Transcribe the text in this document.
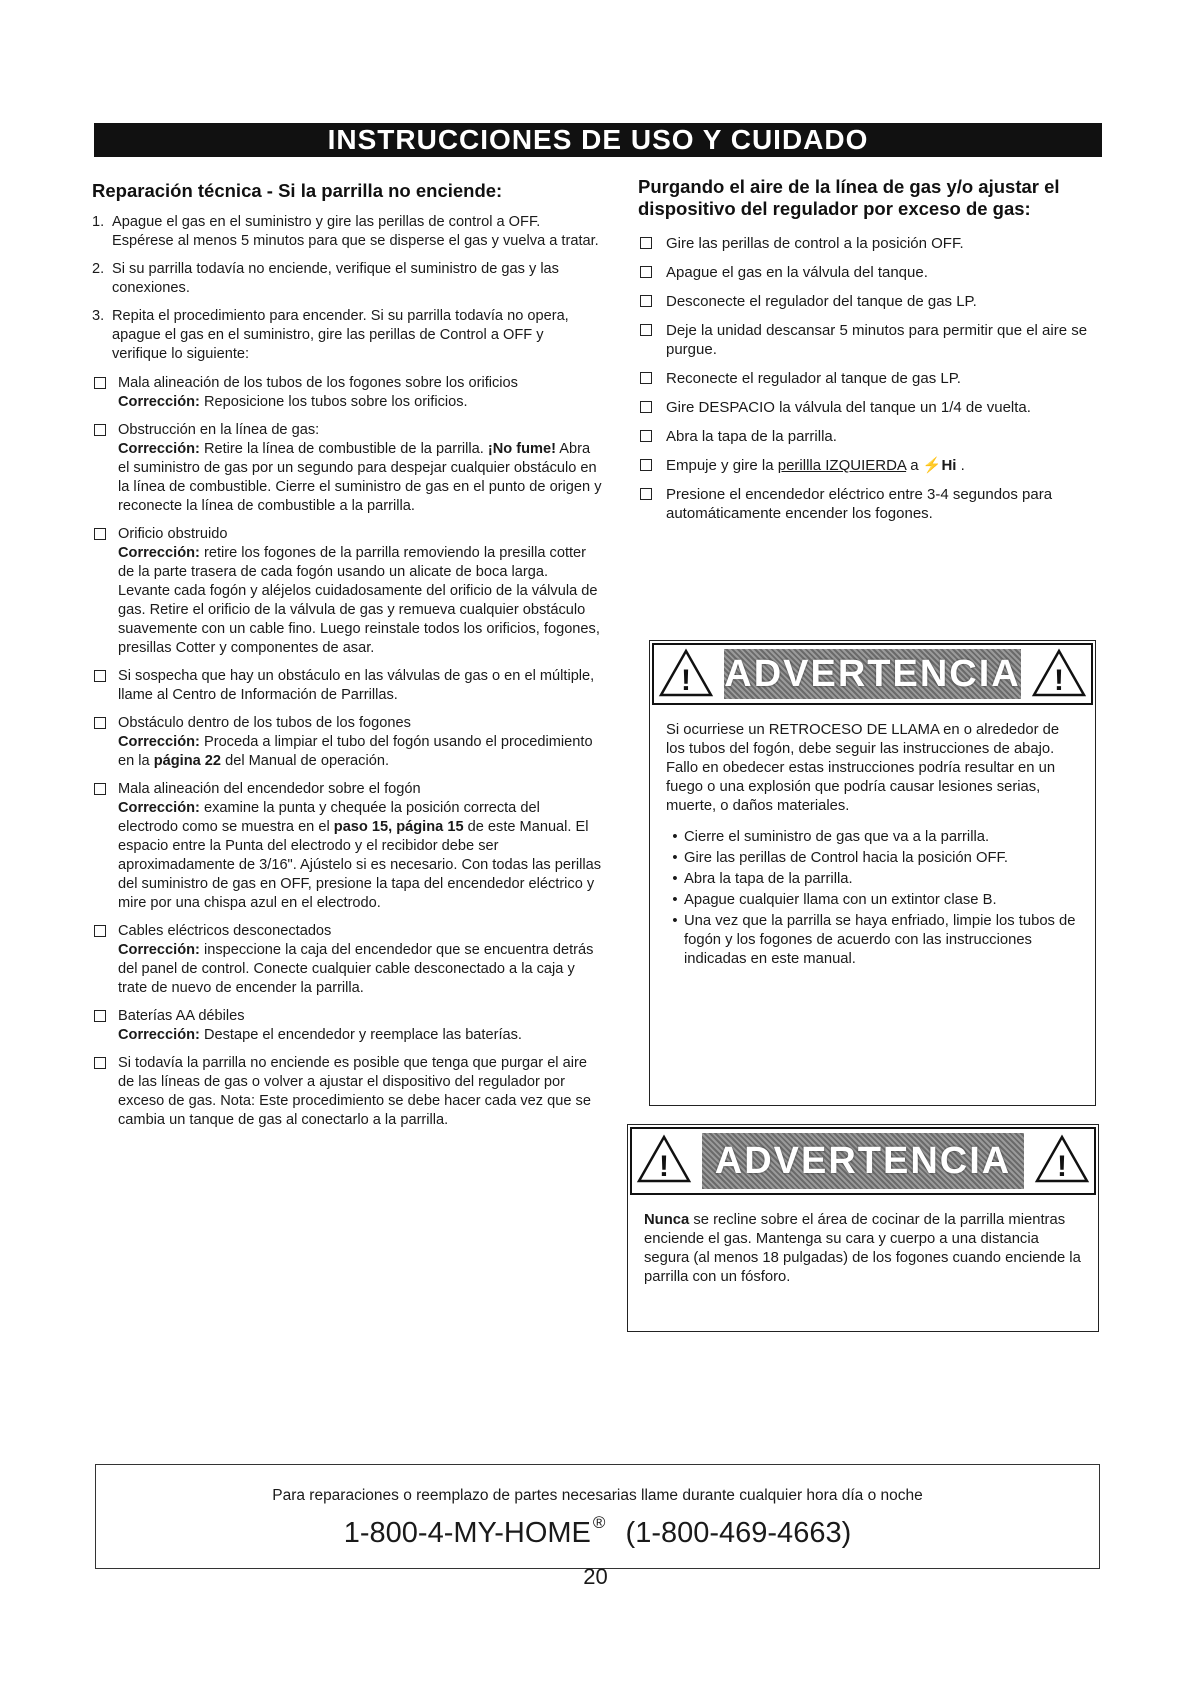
INSTRUCCIONES DE USO Y CUIDADO
Reparación técnica - Si la parrilla no enciende:
1. Apague el gas en el suministro y gire las perillas de control a OFF. Espérese al menos 5 minutos para que se disperse el gas y vuelva a tratar.
2. Si su parrilla todavía no enciende, verifique el suministro de gas y las conexiones.
3. Repita el procedimiento para encender. Si su parrilla todavía no opera, apague el gas en el suministro, gire las perillas de Control a OFF y verifique lo siguiente:
Mala alineación de los tubos de los fogones sobre los orificios
Corrección: Reposicione los tubos sobre los orificios.
Obstrucción en la línea de gas:
Corrección: Retire la línea de combustible de la parrilla. ¡No fume! Abra el suministro de gas por un segundo para despejar cualquier obstáculo en la línea de combustible. Cierre el suministro de gas en el punto de origen y reconecte la línea de combustible a la parrilla.
Orificio obstruido
Corrección: retire los fogones de la parrilla removiendo la presilla cotter de la parte trasera de cada fogón usando un alicate de boca larga. Levante cada fogón y aléjelos cuidadosamente del orificio de la válvula de gas. Retire el orificio de la válvula de gas y remueva cualquier obstáculo suavemente con un cable fino. Luego reinstale todos los orificios, fogones, presillas Cotter y componentes de asar.
Si sospecha que hay un obstáculo en las válvulas de gas o en el múltiple, llame al Centro de Información de Parrillas.
Obstáculo dentro de los tubos de los fogones
Corrección: Proceda a limpiar el tubo del fogón usando el procedimiento en la página 22 del Manual de operación.
Mala alineación del encendedor sobre el fogón
Corrección: examine la punta y chequée la posición correcta del electrodo como se muestra en el paso 15, página 15 de este Manual. El espacio entre la Punta del electrodo y el recibidor debe ser aproximadamente de 3/16". Ajústelo si es necesario. Con todas las perillas del suministro de gas en OFF, presione la tapa del encendedor eléctrico y mire por una chispa azul en el electrodo.
Cables eléctricos desconectados
Corrección: inspeccione la caja del encendedor que se encuentra detrás del panel de control. Conecte cualquier cable desconectado a la caja y trate de nuevo de encender la parrilla.
Baterías AA débiles
Corrección: Destape el encendedor y reemplace las baterías.
Si todavía la parrilla no enciende es posible que tenga que purgar el aire de las líneas de gas o volver a ajustar el dispositivo del regulador por exceso de gas. Nota: Este procedimiento se debe hacer cada vez que se cambia un tanque de gas al conectarlo a la parrilla.
Purgando el aire de la línea de gas y/o ajustar el dispositivo del regulador por exceso de gas:
Gire las perillas de control a la posición OFF.
Apague el gas en la válvula del tanque.
Desconecte el regulador del tanque de gas LP.
Deje la unidad descansar 5 minutos para permitir que el aire se purgue.
Reconecte el regulador al tanque de gas LP.
Gire DESPACIO la válvula del tanque un 1/4 de vuelta.
Abra la tapa de la parrilla.
Empuje y gire la perillla IZQUIERDA a ⚡Hi .
Presione el encendedor eléctrico entre 3-4 segundos para automáticamente encender los fogones.
! ADVERTENCIA !
Si ocurriese un RETROCESO DE LLAMA en o alrededor de los tubos del fogón, debe seguir las instrucciones de abajo. Fallo en obedecer estas instrucciones podría resultar en un fuego o una explosión que podría causar lesiones serias, muerte, o daños materiales.
• Cierre el suministro de gas que va a la parrilla.
• Gire las perillas de Control hacia la posición OFF.
• Abra la tapa de la parrilla.
• Apague cualquier llama con un extintor clase B.
• Una vez que la parrilla se haya enfriado, limpie los tubos de fogón y los fogones de acuerdo con las instrucciones indicadas en este manual.
!	ADVERTENCIA	!
Nunca se recline sobre el área de cocinar de la parrilla mientras enciende el gas. Mantenga su cara y cuerpo a una distancia segura (al menos 18 pulgadas) de los fogones cuando enciende la parrilla con un fósforo.
Para reparaciones o reemplazo de partes necesarias llame durante cualquier hora día o noche
1-800-4-MY-HOME ® (1-800-469-4663)
20
